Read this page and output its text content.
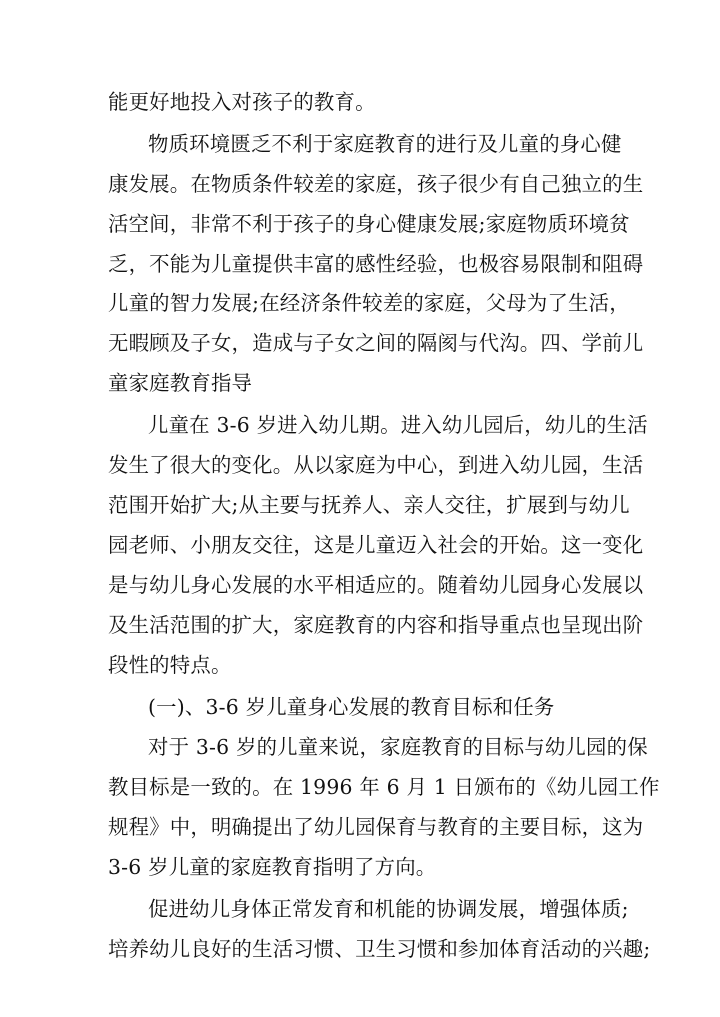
能更好地投入对孩子的教育。
物质环境匮乏不利于家庭教育的进行及儿童的身心健
康发展。在物质条件较差的家庭，孩子很少有自己独立的生
活空间，非常不利于孩子的身心健康发展;家庭物质环境贫
乏，不能为儿童提供丰富的感性经验，也极容易限制和阻碍
儿童的智力发展;在经济条件较差的家庭，父母为了生活，
无暇顾及子女，造成与子女之间的隔阂与代沟。四、学前儿
童家庭教育指导
儿童在 3-6 岁进入幼儿期。进入幼儿园后，幼儿的生活
发生了很大的变化。从以家庭为中心，到进入幼儿园，生活
范围开始扩大;从主要与抚养人、亲人交往，扩展到与幼儿
园老师、小朋友交往，这是儿童迈入社会的开始。这一变化
是与幼儿身心发展的水平相适应的。随着幼儿园身心发展以
及生活范围的扩大，家庭教育的内容和指导重点也呈现出阶
段性的特点。
(一)、3-6 岁儿童身心发展的教育目标和任务
对于 3-6 岁的儿童来说，家庭教育的目标与幼儿园的保
教目标是一致的。在 1996 年 6 月 1 日颁布的《幼儿园工作
规程》中，明确提出了幼儿园保育与教育的主要目标，这为
3-6 岁儿童的家庭教育指明了方向。
促进幼儿身体正常发育和机能的协调发展，增强体质;
培养幼儿良好的生活习惯、卫生习惯和参加体育活动的兴趣;
